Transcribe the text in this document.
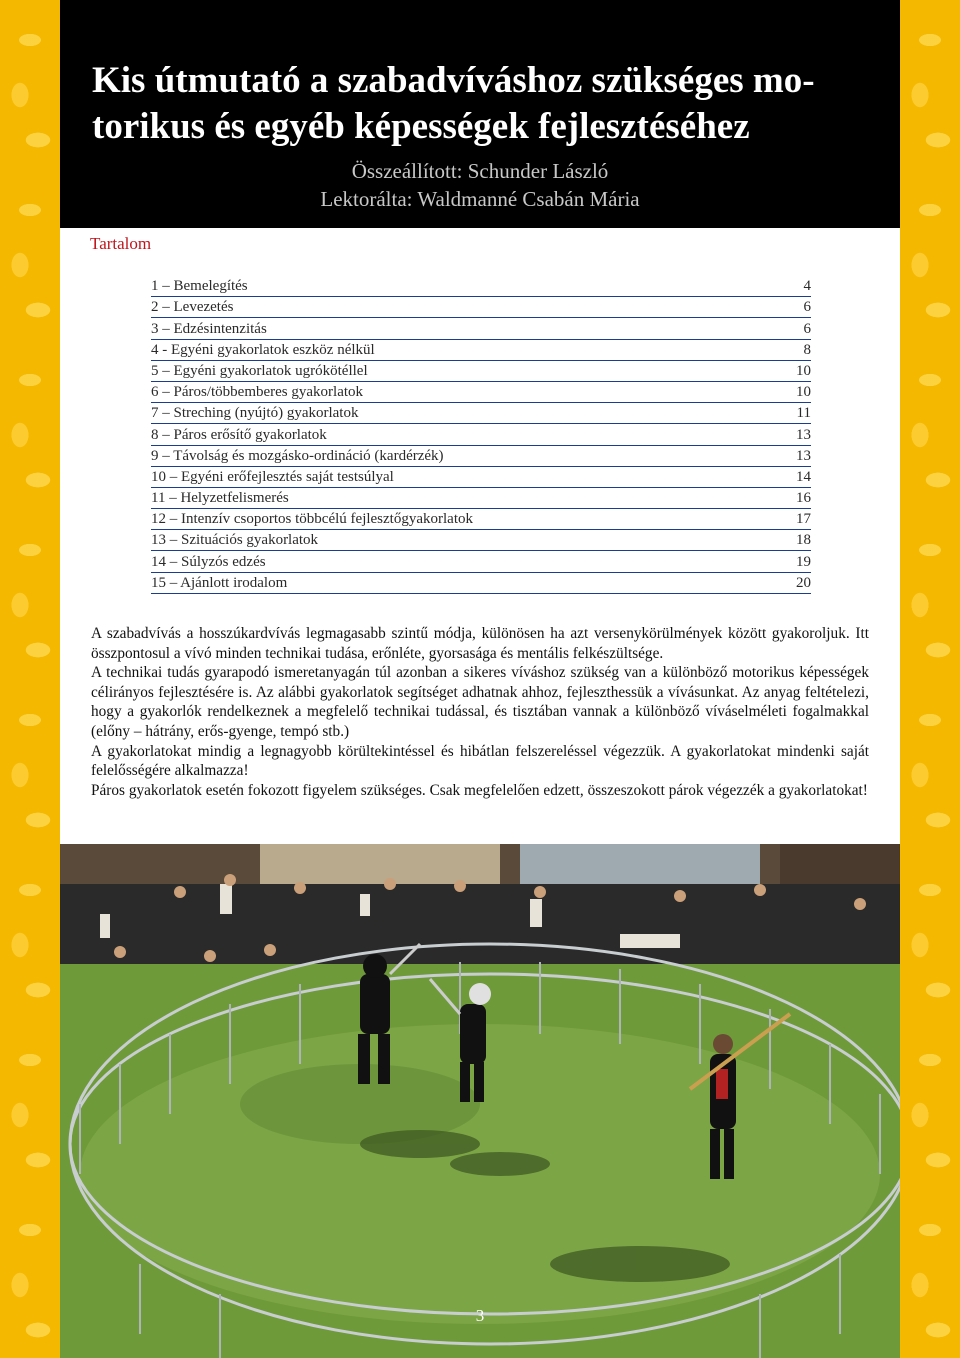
Kis útmutató a szabadvíváshoz szükséges mo-
torikus és egyéb képességek fejlesztéséhez
Összeállított: Schunder László
Lektorálta: Waldmanné Csabán Mária
Tartalom
1 – Bemelegítés	4
2 – Levezetés	6
3 – Edzésintenzitás	6
4 - Egyéni gyakorlatok eszköz nélkül	8
5 – Egyéni gyakorlatok ugrókötéllel	10
6 – Páros/többemberes gyakorlatok	10
7 – Streching (nyújtó) gyakorlatok	11
8 – Páros erősítő gyakorlatok	13
9 – Távolság és mozgásko-ordináció (kardérzék)	13
10 – Egyéni erőfejlesztés saját testsúlyal	14
11 – Helyzetfelismerés	16
12 – Intenzív csoportos többcélú fejlesztőgyakorlatok	17
13 – Szituációs gyakorlatok	18
14 – Súlyzós edzés	19
15 – Ajánlott irodalom	20

A szabadvívás a hosszúkardvívás legmagasabb szintű módja, különösen ha azt versenykörülmények között gyakoroljuk. Itt összpontosul a vívó minden technikai tudása, erőnléte, gyorsasága és mentális felkészültsége.

A technikai tudás gyarapodó ismeretanyagán túl azonban a sikeres víváshoz szükség van a különböző motorikus képességek célirányos fejlesztésére is. Az alábbi gyakorlatok segítséget adhatnak ahhoz, fejleszthessük a vívásunkat. Az anyag feltételezi, hogy a gyakorlók rendelkeznek a megfelelő technikai tudással, és tisztában vannak a különböző víváselméleti fogalmakkal (előny – hátrány, erős-gyenge, tempó stb.)

A gyakorlatokat mindig a legnagyobb körültekintéssel és hibátlan felszereléssel végezzük. A gyakorlatokat mindenki saját felelősségére alkalmazza!

Páros gyakorlatok esetén fokozott figyelem szükséges. Csak megfelelően edzett, összeszokott párok végezzék a gyakorlatokat!

3
